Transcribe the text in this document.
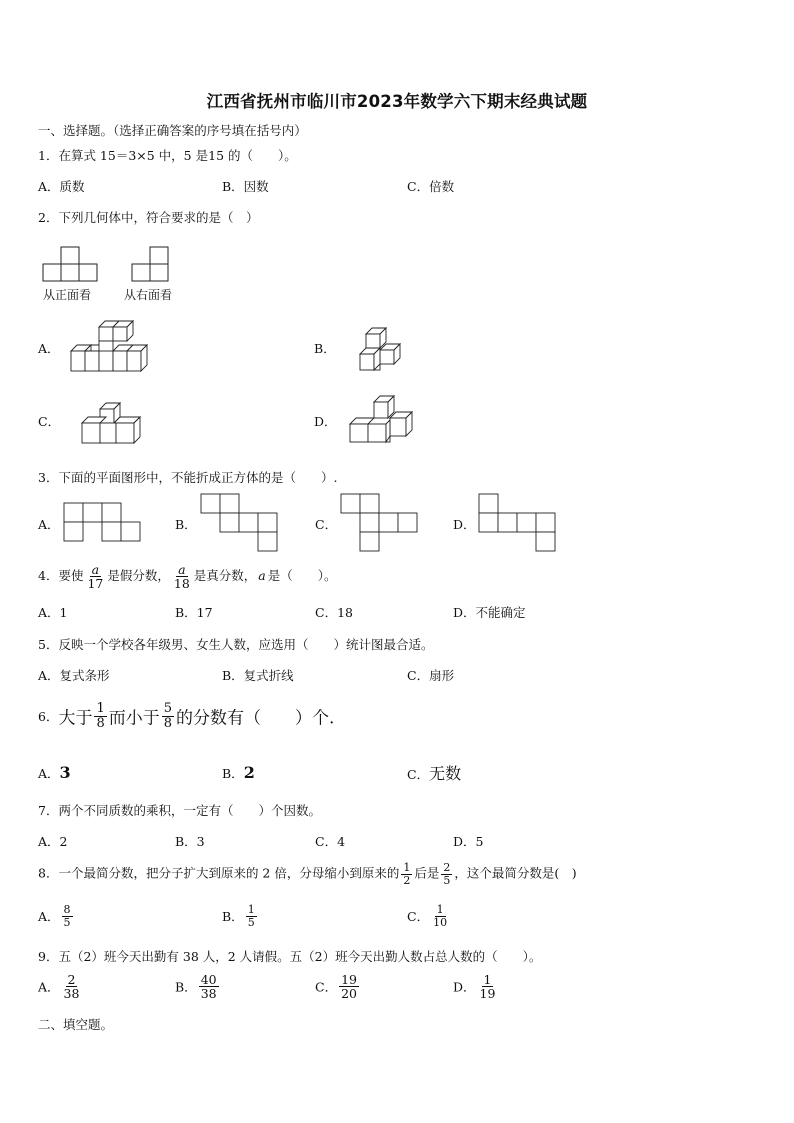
江西省抚州市临川市2023年数学六下期末经典试题
一、选择题。（选择正确答案的序号填在括号内）
1．在算式 15＝3×5 中，5 是15 的（　　）。
A．质数	B．因数	C．倍数
2．下列几何体中，符合要求的是（　）
从正面看	从右面看
A．	B．
C．	D．
3．下面的平面图形中，不能折成正方体的是（　　）.
A．	B．	C．	D．
4．要使 $\frac{a}{17}$ 是假分数， $\frac{a}{18}$ 是真分数， a 是（　　）。
A．1	B．17	C．18	D．不能确定
5．反映一个学校各年级男、女生人数，应选用（　　）统计图最合适。
A．复式条形	B．复式折线	C．扇形
6．大于 $\frac{1}{8}$ 而小于 $\frac{5}{8}$ 的分数有（　　）个.
A．3	B．2	C．无数
7．两个不同质数的乘积，一定有（　　）个因数。
A．2	B．3	C．4	D．5
8．一个最简分数，把分子扩大到原来的 2 倍，分母缩小到原来的 $\frac{1}{2}$ 后是 $\frac{2}{5}$ ，这个最简分数是(　)
A． $\frac{8}{5}$	B． $\frac{1}{5}$	C． $\frac{1}{10}$
9．五（2）班今天出勤有 38 人，2 人请假。五（2）班今天出勤人数占总人数的（　　）。
A． $\frac{2}{38}$	B． $\frac{40}{38}$	C． $\frac{19}{20}$	D． $\frac{1}{19}$
二、填空题。
